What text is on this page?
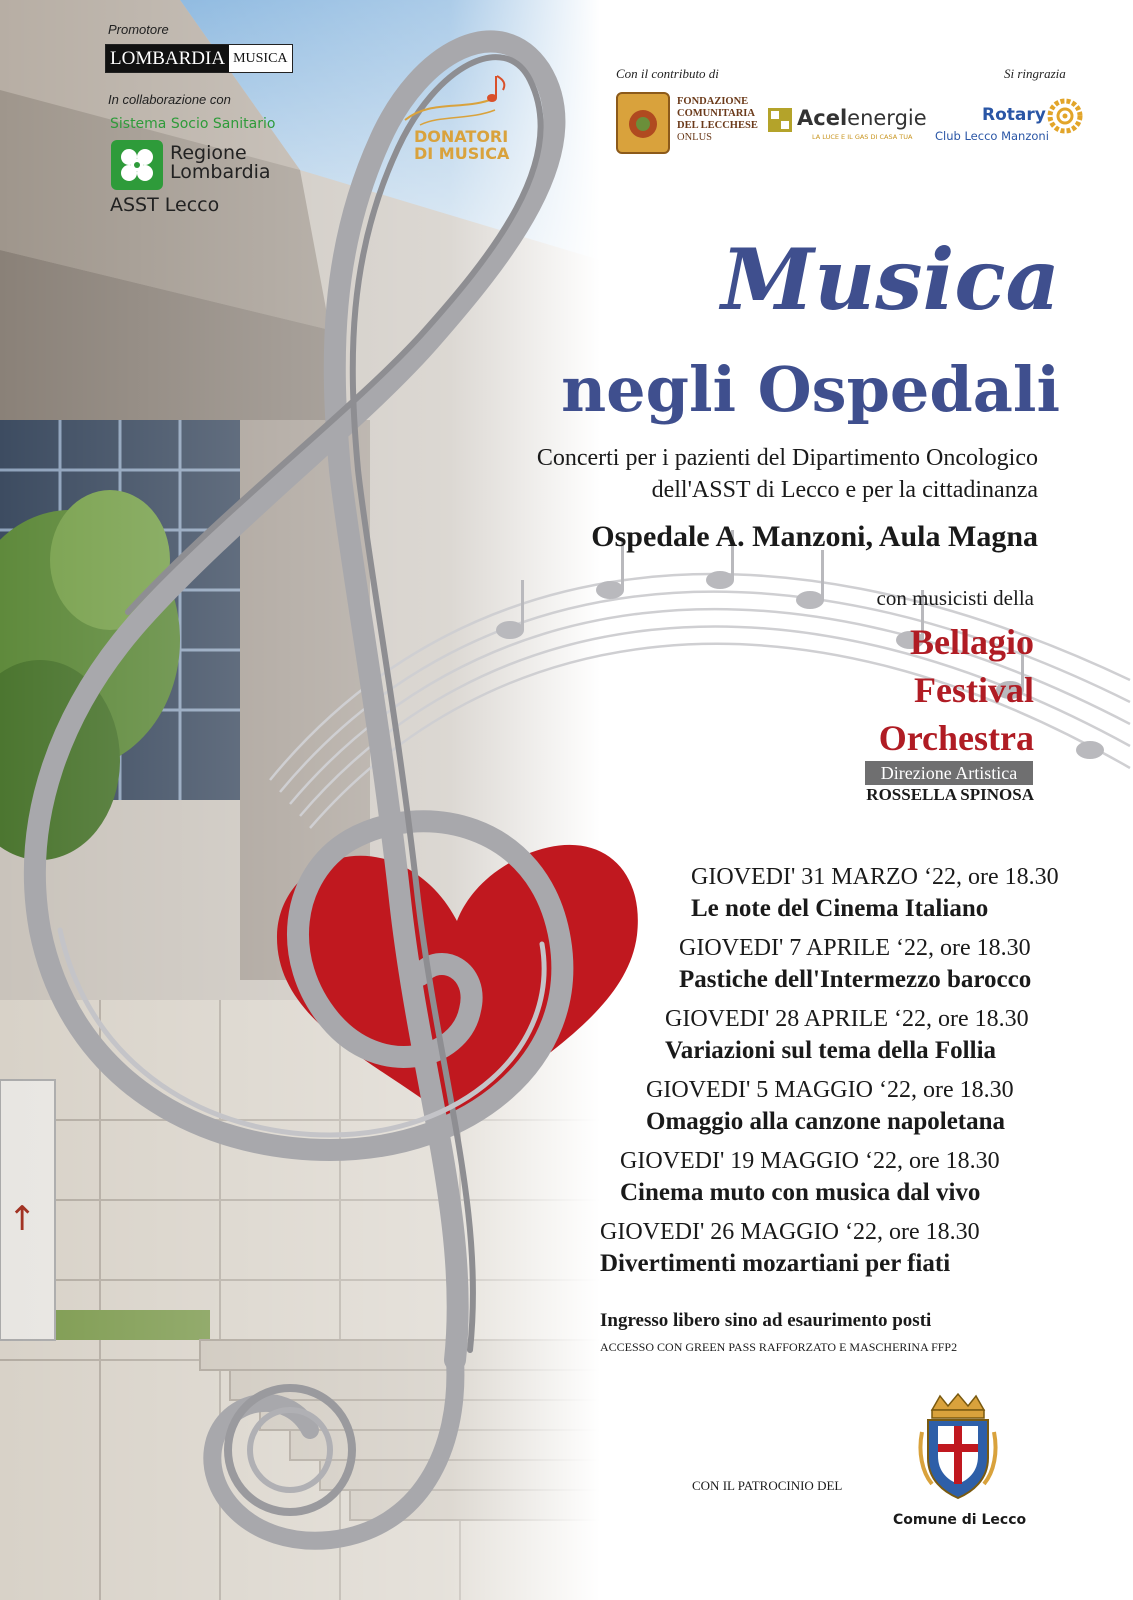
Promotore
LOMBARDIA MUSICA
In collaborazione con
Sistema Socio Sanitario
Regione
Lombardia
ASST Lecco
DONATORI
DI MUSICA
Con il contributo di	Si ringrazia
FONDAZIONE
COMUNITARIA
DEL LECCHESE
ONLUS
Acelenergie
LA LUCE E IL GAS DI CASA TUA
Rotary
Club Lecco Manzoni
Musica
negli Ospedali
Concerti per i pazienti del Dipartimento Oncologico
dell'ASST di Lecco e per la cittadinanza
Ospedale A. Manzoni, Aula Magna
con musicisti della
Bellagio
Festival
Orchestra
Direzione Artistica
ROSSELLA SPINOSA
GIOVEDI' 31 MARZO ‘22, ore 18.30
Le note del Cinema Italiano
GIOVEDI' 7 APRILE ‘22, ore 18.30
Pastiche dell'Intermezzo barocco
GIOVEDI' 28 APRILE ‘22, ore 18.30
Variazioni sul tema della Follia
GIOVEDI' 5 MAGGIO ‘22, ore 18.30
Omaggio alla canzone napoletana
GIOVEDI' 19 MAGGIO ‘22, ore 18.30
Cinema muto con musica dal vivo
GIOVEDI' 26 MAGGIO ‘22, ore 18.30
Divertimenti mozartiani per fiati
Ingresso libero sino ad esaurimento posti
ACCESSO CON GREEN PASS RAFFORZATO E MASCHERINA FFP2
CON IL PATROCINIO DEL
Comune di Lecco
